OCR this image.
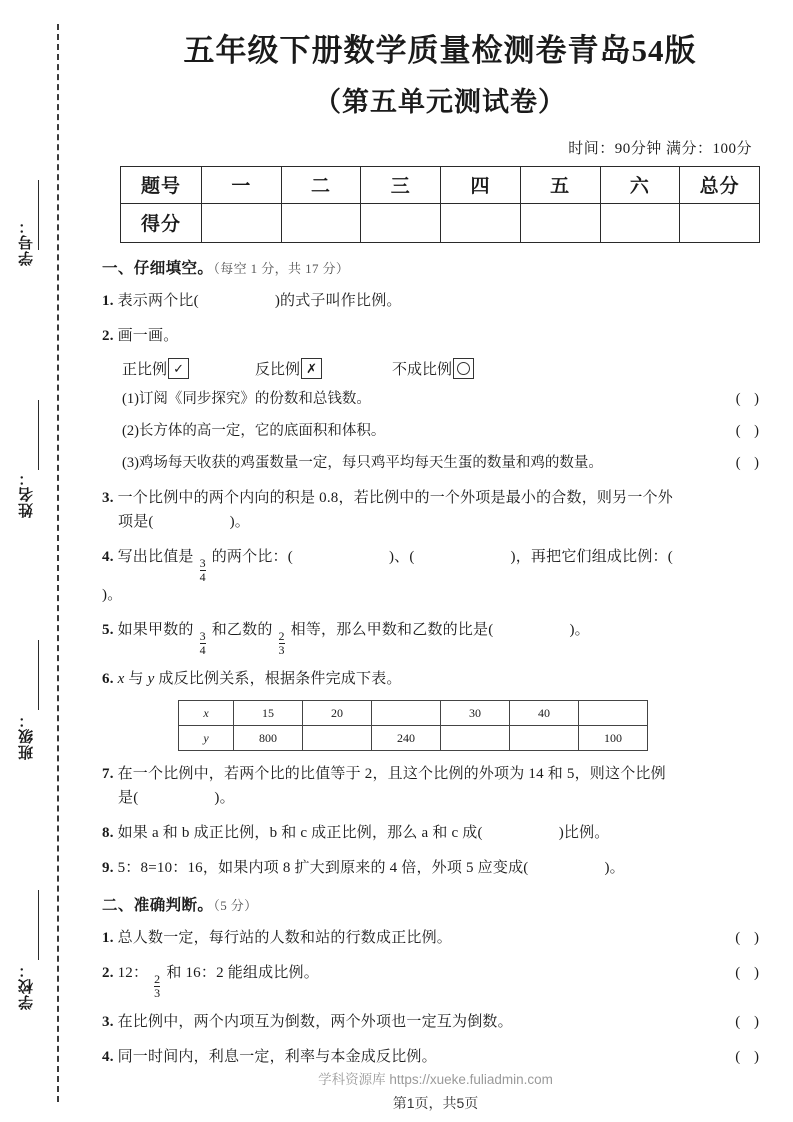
学号：
姓名：
班级：
学校：
五年级下册数学质量检测卷青岛54版
（第五单元测试卷）
时间：90分钟 满分：100分
题号	一	二	三	四	五	六	总分
得分							
一、仔细填空。（每空 1 分，共 17 分）
1. 表示两个比(	)的式子叫作比例。
2. 画一画。
正比例 ✓	反比例 ✗	不成比例
(1)订阅《同步探究》的份数和总钱数。	( )
(2)长方体的高一定，它的底面积和体积。	( )
(3)鸡场每天收获的鸡蛋数量一定，每只鸡平均每天生蛋的数量和鸡的数量。	( )
3. 一个比例中的两个内向的积是 0.8，若比例中的一个外项是最小的合数，则另一个外
项是(	)。
4. 写出比值是 $\frac{3}{4}$ 的两个比：(	)、(	)，再把它们组成比例：()。
5. 如果甲数的 $\frac{3}{4}$ 和乙数的 $\frac{2}{3}$ 相等，那么甲数和乙数的比是(	)。
6. x 与 y 成反比例关系，根据条件完成下表。
x	15	20		30	40	
y	800		240			100
7. 在一个比例中，若两个比的比值等于 2，且这个比例的外项为 14 和 5，则这个比例
是(	)。
8. 如果 a 和 b 成正比例，b 和 c 成正比例，那么 a 和 c 成(	)比例。
9. 5：8=10：16，如果内项 8 扩大到原来的 4 倍，外项 5 应变成(	)。
二、准确判断。（5 分）
1. 总人数一定，每行站的人数和站的行数成正比例。	( )
2. 12： $\frac{2}{3}$ 和 16：2 能组成比例。	( )
3. 在比例中，两个内项互为倒数，两个外项也一定互为倒数。	( )
4. 同一时间内，利息一定，利率与本金成反比例。	( )
学科资源库 https://xueke.fuliadmin.com
第1页，共5页
